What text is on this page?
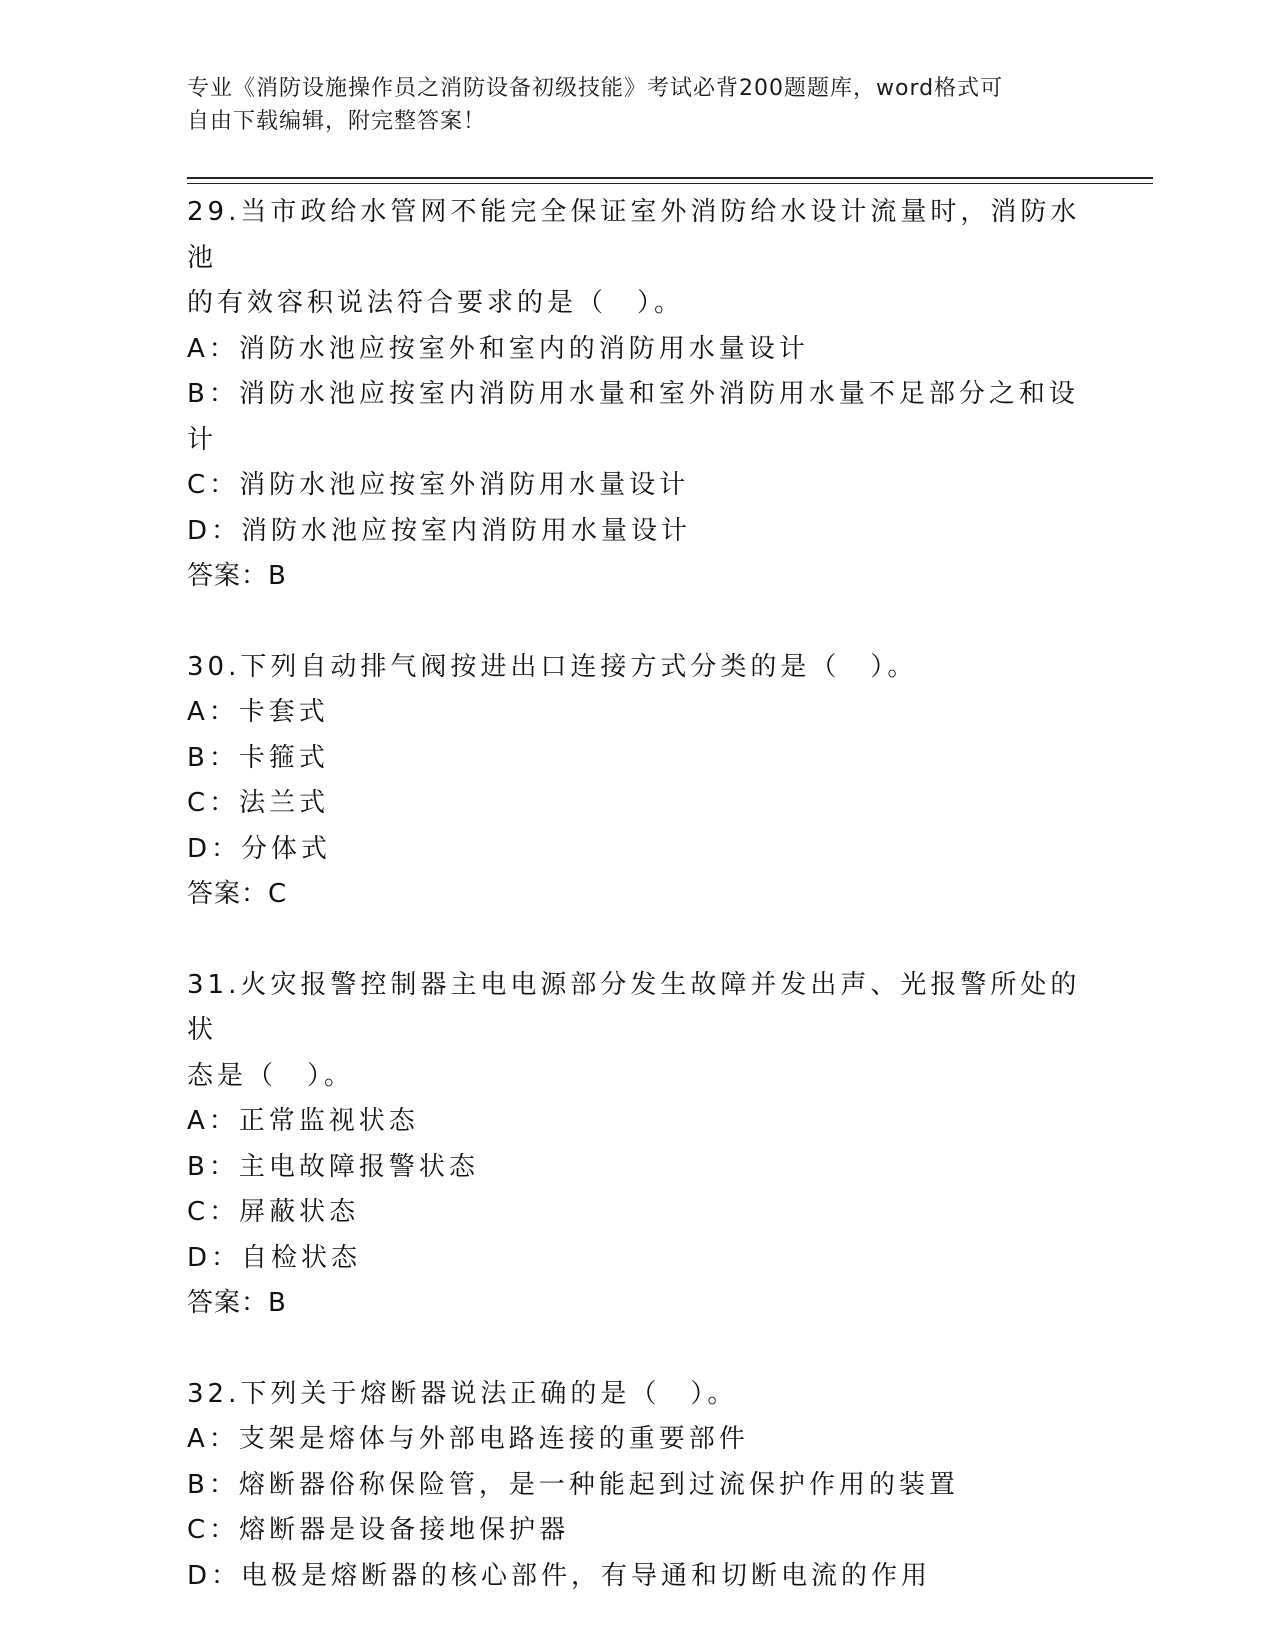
专业《消防设施操作员之消防设备初级技能》考试必背200题题库，word格式可
自由下载编辑，附完整答案！
29.当市政给水管网不能完全保证室外消防给水设计流量时，消防水池
的有效容积说法符合要求的是（　）。
A：消防水池应按室外和室内的消防用水量设计
B：消防水池应按室内消防用水量和室外消防用水量不足部分之和设计
C：消防水池应按室外消防用水量设计
D：消防水池应按室内消防用水量设计
答案：B
30.下列自动排气阀按进出口连接方式分类的是（　）。
A：卡套式
B：卡箍式
C：法兰式
D：分体式
答案：C
31.火灾报警控制器主电电源部分发生故障并发出声、光报警所处的状
态是（　）。
A：正常监视状态
B：主电故障报警状态
C：屏蔽状态
D：自检状态
答案：B
32.下列关于熔断器说法正确的是（　）。
A：支架是熔体与外部电路连接的重要部件
B：熔断器俗称保险管，是一种能起到过流保护作用的装置
C：熔断器是设备接地保护器
D：电极是熔断器的核心部件，有导通和切断电流的作用
